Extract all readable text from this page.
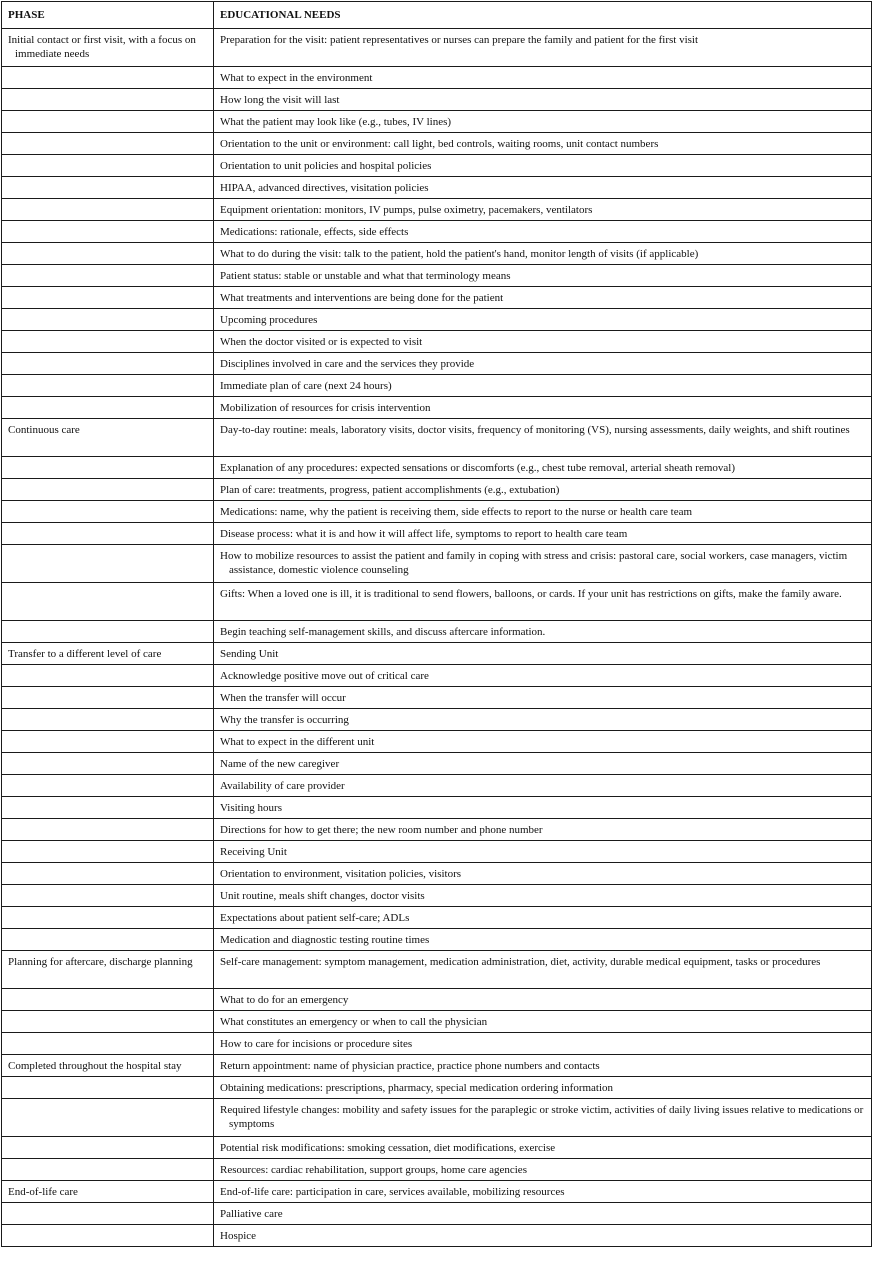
PHASE	EDUCATIONAL NEEDS
Initial contact or first visit, with a focus on immediate needs	Preparation for the visit: patient representatives or nurses can prepare the family and patient for the first visit
	What to expect in the environment
	How long the visit will last
	What the patient may look like (e.g., tubes, IV lines)
	Orientation to the unit or environment: call light, bed controls, waiting rooms, unit contact numbers
	Orientation to unit policies and hospital policies
	HIPAA, advanced directives, visitation policies
	Equipment orientation: monitors, IV pumps, pulse oximetry, pacemakers, ventilators
	Medications: rationale, effects, side effects
	What to do during the visit: talk to the patient, hold the patient's hand, monitor length of visits (if applicable)
	Patient status: stable or unstable and what that terminology means
	What treatments and interventions are being done for the patient
	Upcoming procedures
	When the doctor visited or is expected to visit
	Disciplines involved in care and the services they provide
	Immediate plan of care (next 24 hours)
	Mobilization of resources for crisis intervention
Continuous care	Day-to-day routine: meals, laboratory visits, doctor visits, frequency of monitoring (VS), nursing assessments, daily weights, and shift routines
	Explanation of any procedures: expected sensations or discomforts (e.g., chest tube removal, arterial sheath removal)
	Plan of care: treatments, progress, patient accomplishments (e.g., extubation)
	Medications: name, why the patient is receiving them, side effects to report to the nurse or health care team
	Disease process: what it is and how it will affect life, symptoms to report to health care team
	How to mobilize resources to assist the patient and family in coping with stress and crisis: pastoral care, social workers, case managers, victim assistance, domestic violence counseling
	Gifts: When a loved one is ill, it is traditional to send flowers, balloons, or cards. If your unit has restrictions on gifts, make the family aware.
	Begin teaching self-management skills, and discuss aftercare information.
Transfer to a different level of care	Sending Unit
	Acknowledge positive move out of critical care
	When the transfer will occur
	Why the transfer is occurring
	What to expect in the different unit
	Name of the new caregiver
	Availability of care provider
	Visiting hours
	Directions for how to get there; the new room number and phone number
	Receiving Unit
	Orientation to environment, visitation policies, visitors
	Unit routine, meals shift changes, doctor visits
	Expectations about patient self-care; ADLs
	Medication and diagnostic testing routine times
Planning for aftercare, discharge planning	Self-care management: symptom management, medication administration, diet, activity, durable medical equipment, tasks or procedures
	What to do for an emergency
	What constitutes an emergency or when to call the physician
	How to care for incisions or procedure sites
Completed throughout the hospital stay	Return appointment: name of physician practice, practice phone numbers and contacts
	Obtaining medications: prescriptions, pharmacy, special medication ordering information
	Required lifestyle changes: mobility and safety issues for the paraplegic or stroke victim, activities of daily living issues relative to medications or symptoms
	Potential risk modifications: smoking cessation, diet modifications, exercise
	Resources: cardiac rehabilitation, support groups, home care agencies
End-of-life care	End-of-life care: participation in care, services available, mobilizing resources
	Palliative care
	Hospice
